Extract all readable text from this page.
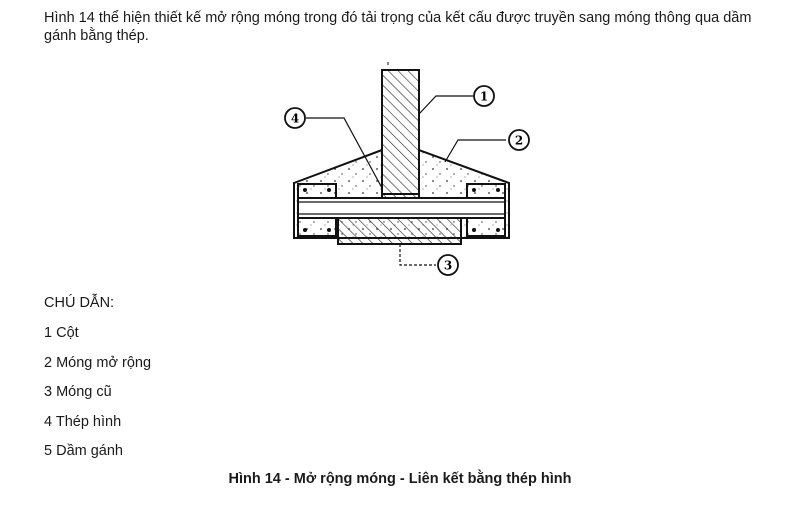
Hình 14 thể hiện thiết kế mở rộng móng trong đó tải trọng của kết cấu được truyền sang móng thông qua dầm gánh bằng thép.

1
2
3
4

CHÚ DẪN:

1 Cột
2 Móng mở rộng
3 Móng cũ
4 Thép hình
5 Dầm gánh

Hình 14 - Mở rộng móng - Liên kết bằng thép hình
